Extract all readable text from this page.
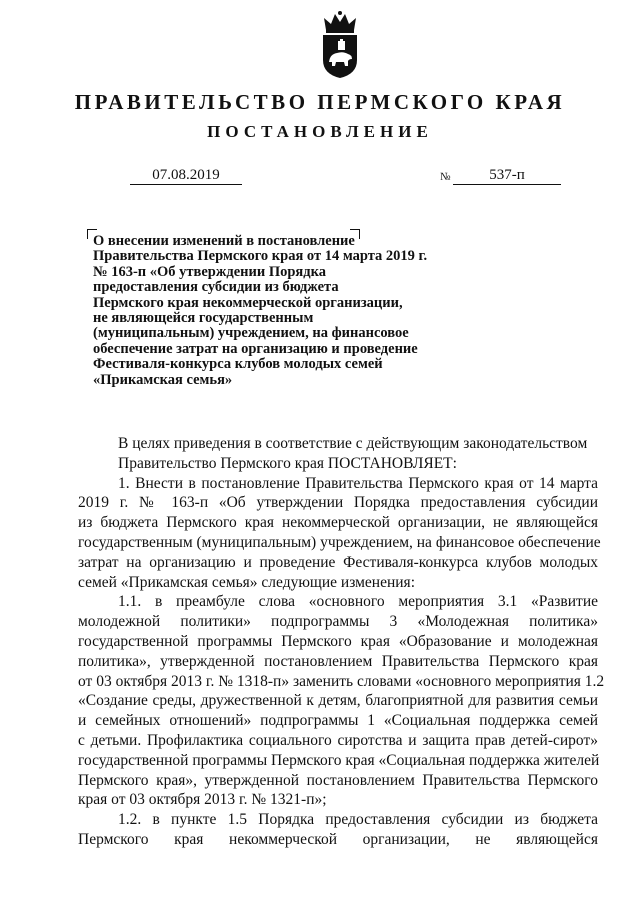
ПРАВИТЕЛЬСТВО ПЕРМСКОГО КРАЯ
ПОСТАНОВЛЕНИЕ
07.08.2019	№	537-п
О внесении изменений в постановление
Правительства Пермского края от 14 марта 2019 г.
№ 163-п «Об утверждении Порядка
предоставления субсидии из бюджета
Пермского края некоммерческой организации,
не являющейся государственным
(муниципальным) учреждением, на финансовое
обеспечение затрат на организацию и проведение
Фестиваля-конкурса клубов молодых семей
«Прикамская семья»
В целях приведения в соответствие с действующим законодательством
Правительство Пермского края ПОСТАНОВЛЯЕТ:
1. Внести в постановление Правительства Пермского края от 14 марта
2019 г. № 163-п «Об утверждении Порядка предоставления субсидии
из бюджета Пермского края некоммерческой организации, не являющейся
государственным (муниципальным) учреждением, на финансовое обеспечение
затрат на организацию и проведение Фестиваля-конкурса клубов молодых
семей «Прикамская семья» следующие изменения:
1.1. в преамбуле слова «основного мероприятия 3.1 «Развитие
молодежной политики» подпрограммы 3 «Молодежная политика»
государственной программы Пермского края «Образование и молодежная
политика», утвержденной постановлением Правительства Пермского края
от 03 октября 2013 г. № 1318-п» заменить словами «основного мероприятия 1.2
«Создание среды, дружественной к детям, благоприятной для развития семьи
и семейных отношений» подпрограммы 1 «Социальная поддержка семей
с детьми. Профилактика социального сиротства и защита прав детей-сирот»
государственной программы Пермского края «Социальная поддержка жителей
Пермского края», утвержденной постановлением Правительства Пермского
края от 03 октября 2013 г. № 1321-п»;
1.2. в пункте 1.5 Порядка предоставления субсидии из бюджета
Пермского края некоммерческой организации, не являющейся
